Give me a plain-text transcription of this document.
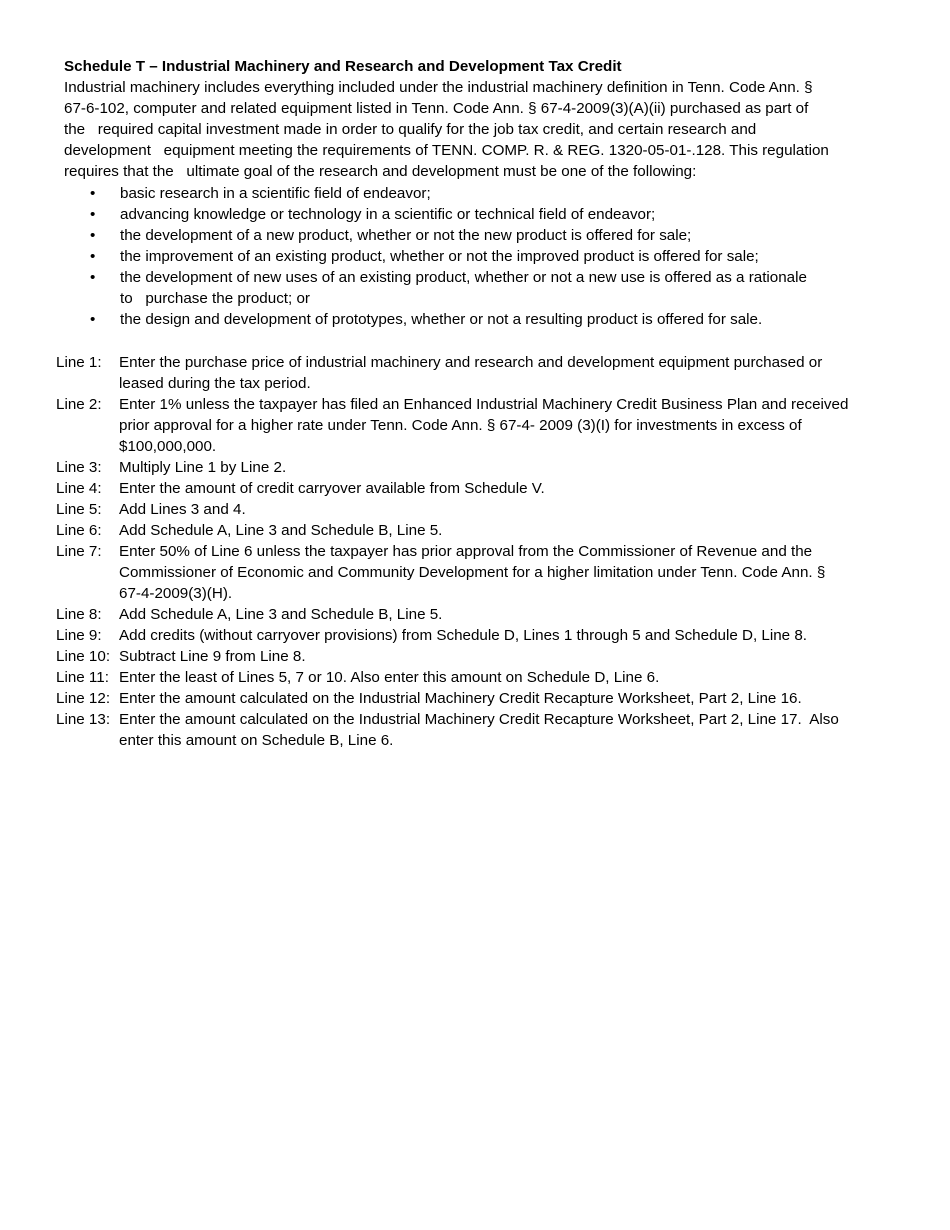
Schedule T – Industrial Machinery and Research and Development Tax Credit
Industrial machinery includes everything included under the industrial machinery definition in Tenn. Code Ann. §
67-6-102, computer and related equipment listed in Tenn. Code Ann. § 67-4-2009(3)(A)(ii) purchased as part of
the   required capital investment made in order to qualify for the job tax credit, and certain research and
development   equipment meeting the requirements of TENN. COMP. R. & REG. 1320-05-01-.128. This regulation
requires that the   ultimate goal of the research and development must be one of the following:
• basic research in a scientific field of endeavor;
• advancing knowledge or technology in a scientific or technical field of endeavor;
• the development of a new product, whether or not the new product is offered for sale;
• the improvement of an existing product, whether or not the improved product is offered for sale;
• the development of new uses of an existing product, whether or not a new use is offered as a rationale
to   purchase the product; or
• the design and development of prototypes, whether or not a resulting product is offered for sale.
Line 1:	Enter the purchase price of industrial machinery and research and development equipment purchased or
leased during the tax period.
Line 2:	Enter 1% unless the taxpayer has filed an Enhanced Industrial Machinery Credit Business Plan and received
prior approval for a higher rate under Tenn. Code Ann. § 67-4- 2009 (3)(I) for investments in excess of
$100,000,000.
Line 3:	Multiply Line 1 by Line 2.
Line 4:	Enter the amount of credit carryover available from Schedule V.
Line 5:	Add Lines 3 and 4.
Line 6:	Add Schedule A, Line 3 and Schedule B, Line 5.
Line 7:	Enter 50% of Line 6 unless the taxpayer has prior approval from the Commissioner of Revenue and the
Commissioner of Economic and Community Development for a higher limitation under Tenn. Code Ann. §
67-4-2009(3)(H).
Line 8:	Add Schedule A, Line 3 and Schedule B, Line 5.
Line 9:	Add credits (without carryover provisions) from Schedule D, Lines 1 through 5 and Schedule D, Line 8.
Line 10: Subtract Line 9 from Line 8.
Line 11: Enter the least of Lines 5, 7 or 10. Also enter this amount on Schedule D, Line 6.
Line 12: Enter the amount calculated on the Industrial Machinery Credit Recapture Worksheet, Part 2, Line 16.
Line 13: Enter the amount calculated on the Industrial Machinery Credit Recapture Worksheet, Part 2, Line 17.  Also
enter this amount on Schedule B, Line 6.
